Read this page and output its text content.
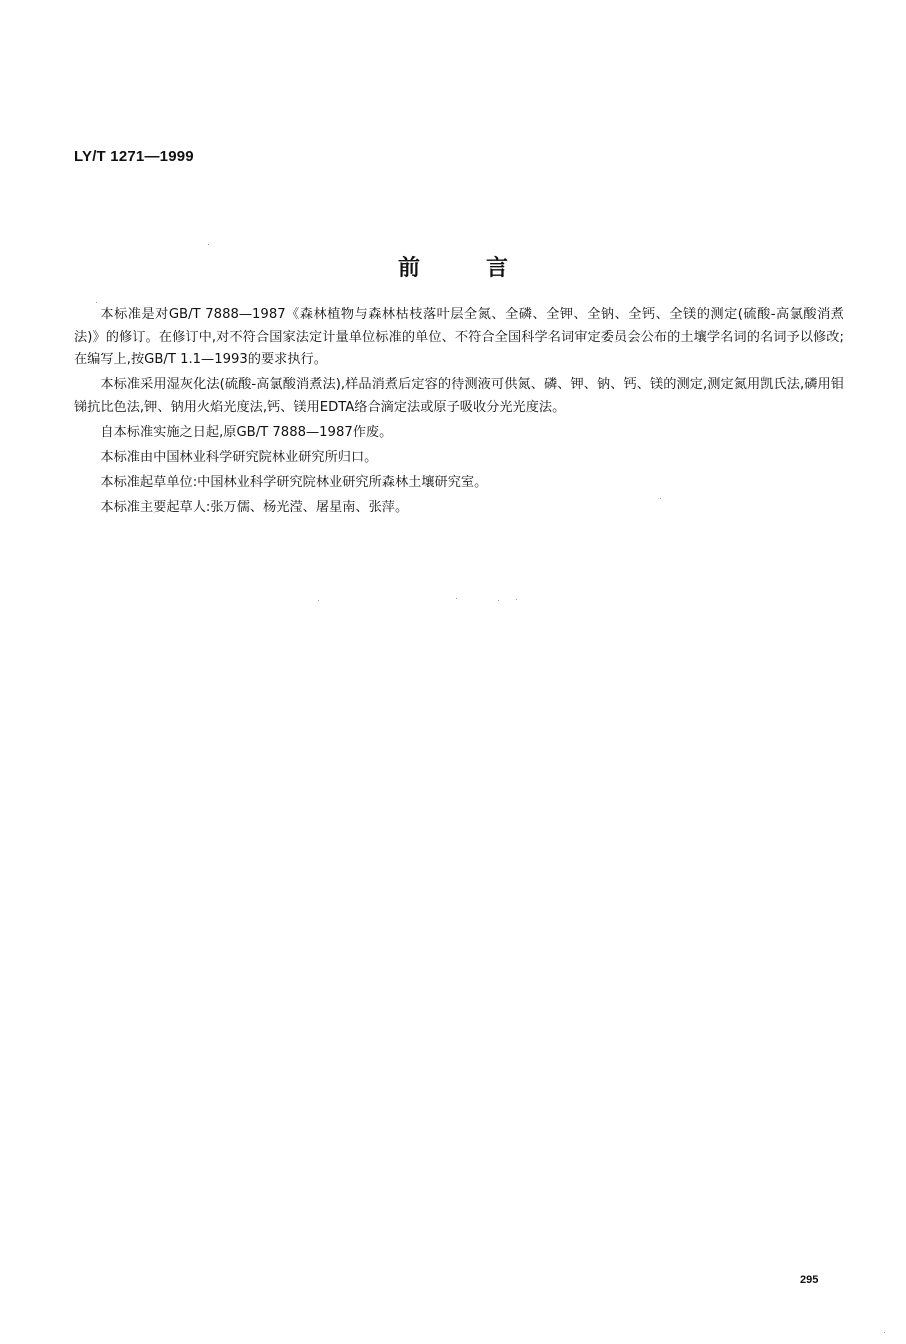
LY/T 1271—1999
前言

本标准是对GB/T 7888—1987《森林植物与森林枯枝落叶层全氮、全磷、全钾、全钠、全钙、全镁的测定(硫酸-高氯酸消煮法)》的修订。在修订中,对不符合国家法定计量单位标准的单位、不符合全国科学名词审定委员会公布的土壤学名词的名词予以修改;在编写上,按GB/T 1.1—1993的要求执行。

本标准采用湿灰化法(硫酸-高氯酸消煮法),样品消煮后定容的待测液可供氮、磷、钾、钠、钙、镁的测定,测定氮用凯氏法,磷用钼锑抗比色法,钾、钠用火焰光度法,钙、镁用EDTA络合滴定法或原子吸收分光光度法。

自本标准实施之日起,原GB/T 7888—1987作废。

本标准由中国林业科学研究院林业研究所归口。

本标准起草单位:中国林业科学研究院林业研究所森林土壤研究室。

本标准主要起草人:张万儒、杨光滢、屠星南、张萍。

295
